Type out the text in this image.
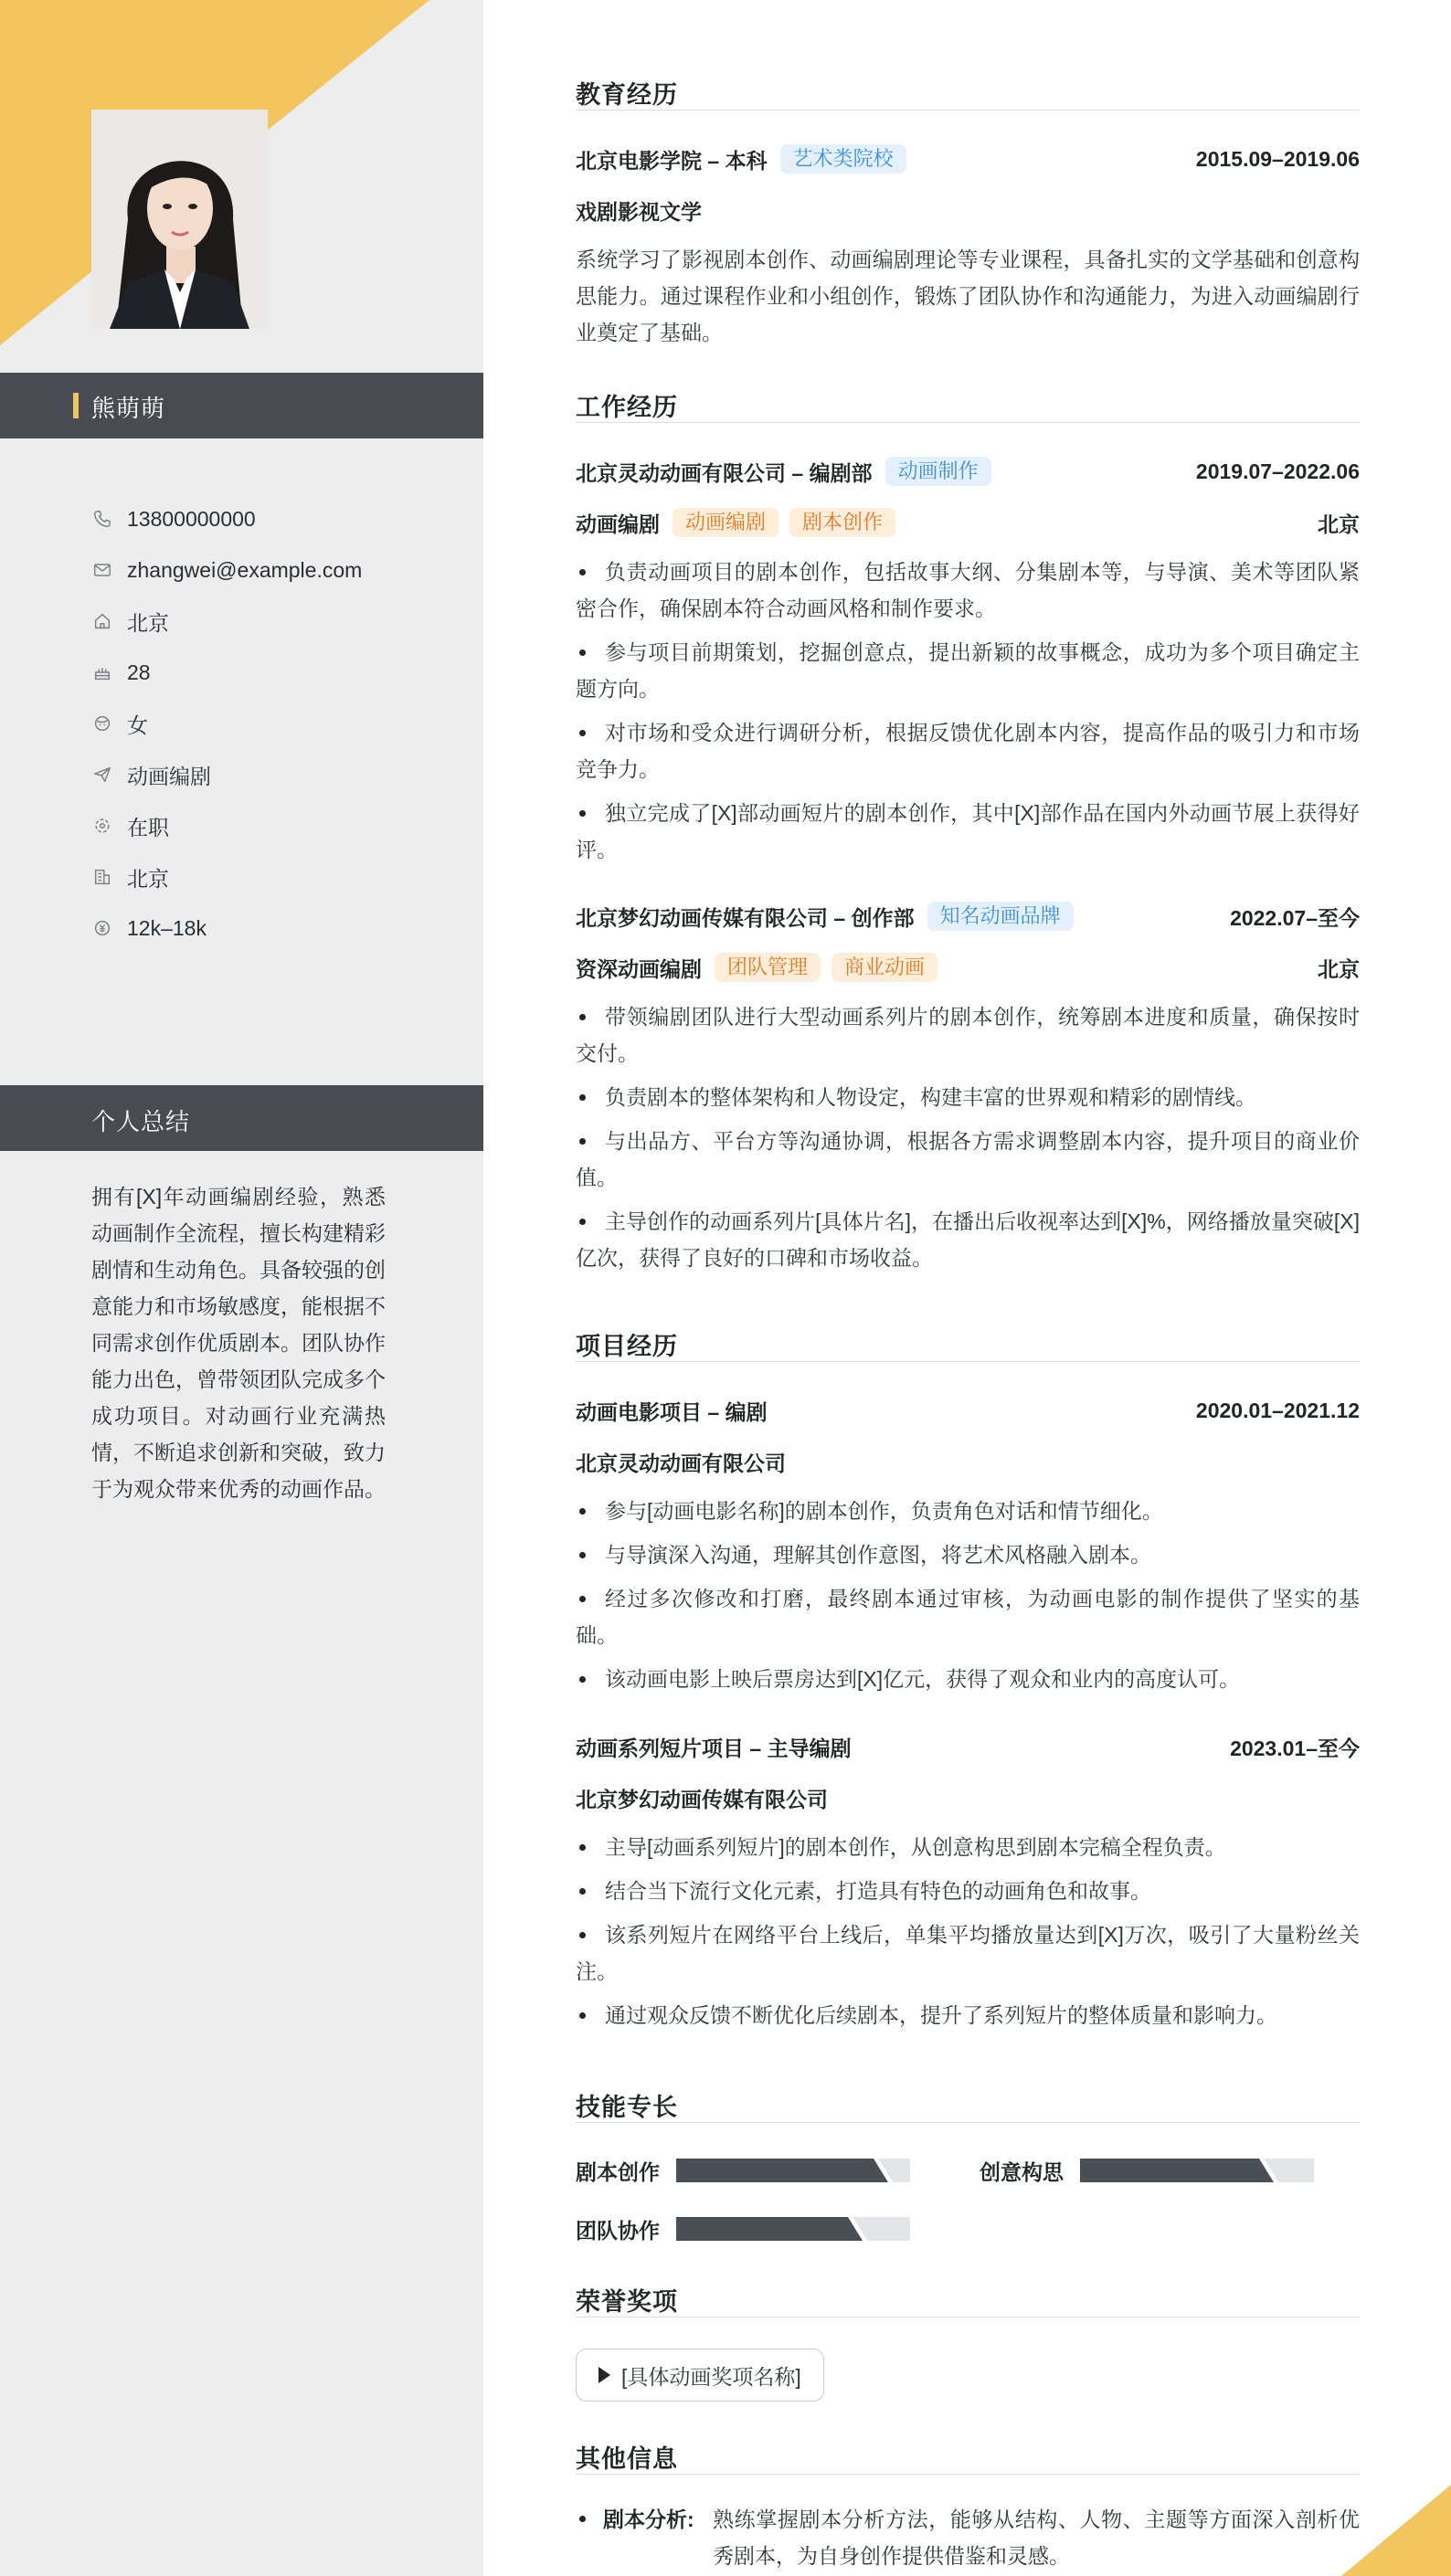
熊萌萌
13800000000
zhangwei@example.com
北京
28
女
动画编剧
在职
北京
12k–18k
个人总结
拥有[X]年动画编剧经验，熟悉动画制作全流程，擅长构建精彩剧情和生动角色。具备较强的创意能力和市场敏感度，能根据不同需求创作优质剧本。团队协作能力出色，曾带领团队完成多个成功项目。对动画行业充满热情，不断追求创新和突破，致力于为观众带来优秀的动画作品。
教育经历
北京电影学院 – 本科	艺术类院校	2015.09–2019.06
戏剧影视文学
系统学习了影视剧本创作、动画编剧理论等专业课程，具备扎实的文学基础和创意构思能力。通过课程作业和小组创作，锻炼了团队协作和沟通能力，为进入动画编剧行业奠定了基础。
工作经历
北京灵动动画有限公司 – 编剧部	动画制作	2019.07–2022.06
动画编剧	动画编剧	剧本创作	北京
负责动画项目的剧本创作，包括故事大纲、分集剧本等，与导演、美术等团队紧密合作，确保剧本符合动画风格和制作要求。
参与项目前期策划，挖掘创意点，提出新颖的故事概念，成功为多个项目确定主题方向。
对市场和受众进行调研分析，根据反馈优化剧本内容，提高作品的吸引力和市场竞争力。
独立完成了[X]部动画短片的剧本创作，其中[X]部作品在国内外动画节展上获得好评。
北京梦幻动画传媒有限公司 – 创作部	知名动画品牌	2022.07–至今
资深动画编剧	团队管理	商业动画	北京
带领编剧团队进行大型动画系列片的剧本创作，统筹剧本进度和质量，确保按时交付。
负责剧本的整体架构和人物设定，构建丰富的世界观和精彩的剧情线。
与出品方、平台方等沟通协调，根据各方需求调整剧本内容，提升项目的商业价值。
主导创作的动画系列片[具体片名]，在播出后收视率达到[X]%，网络播放量突破[X]亿次，获得了良好的口碑和市场收益。
项目经历
动画电影项目 – 编剧	2020.01–2021.12
北京灵动动画有限公司
参与[动画电影名称]的剧本创作，负责角色对话和情节细化。
与导演深入沟通，理解其创作意图，将艺术风格融入剧本。
经过多次修改和打磨，最终剧本通过审核，为动画电影的制作提供了坚实的基础。
该动画电影上映后票房达到[X]亿元，获得了观众和业内的高度认可。
动画系列短片项目 – 主导编剧	2023.01–至今
北京梦幻动画传媒有限公司
主导[动画系列短片]的剧本创作，从创意构思到剧本完稿全程负责。
结合当下流行文化元素，打造具有特色的动画角色和故事。
该系列短片在网络平台上线后，单集平均播放量达到[X]万次，吸引了大量粉丝关注。
通过观众反馈不断优化后续剧本，提升了系列短片的整体质量和影响力。
技能专长
剧本创作	创意构思
团队协作
荣誉奖项
[具体动画奖项名称]
其他信息
剧本分析: 熟练掌握剧本分析方法，能够从结构、人物、主题等方面深入剖析优秀剧本，为自身创作提供借鉴和灵感。
